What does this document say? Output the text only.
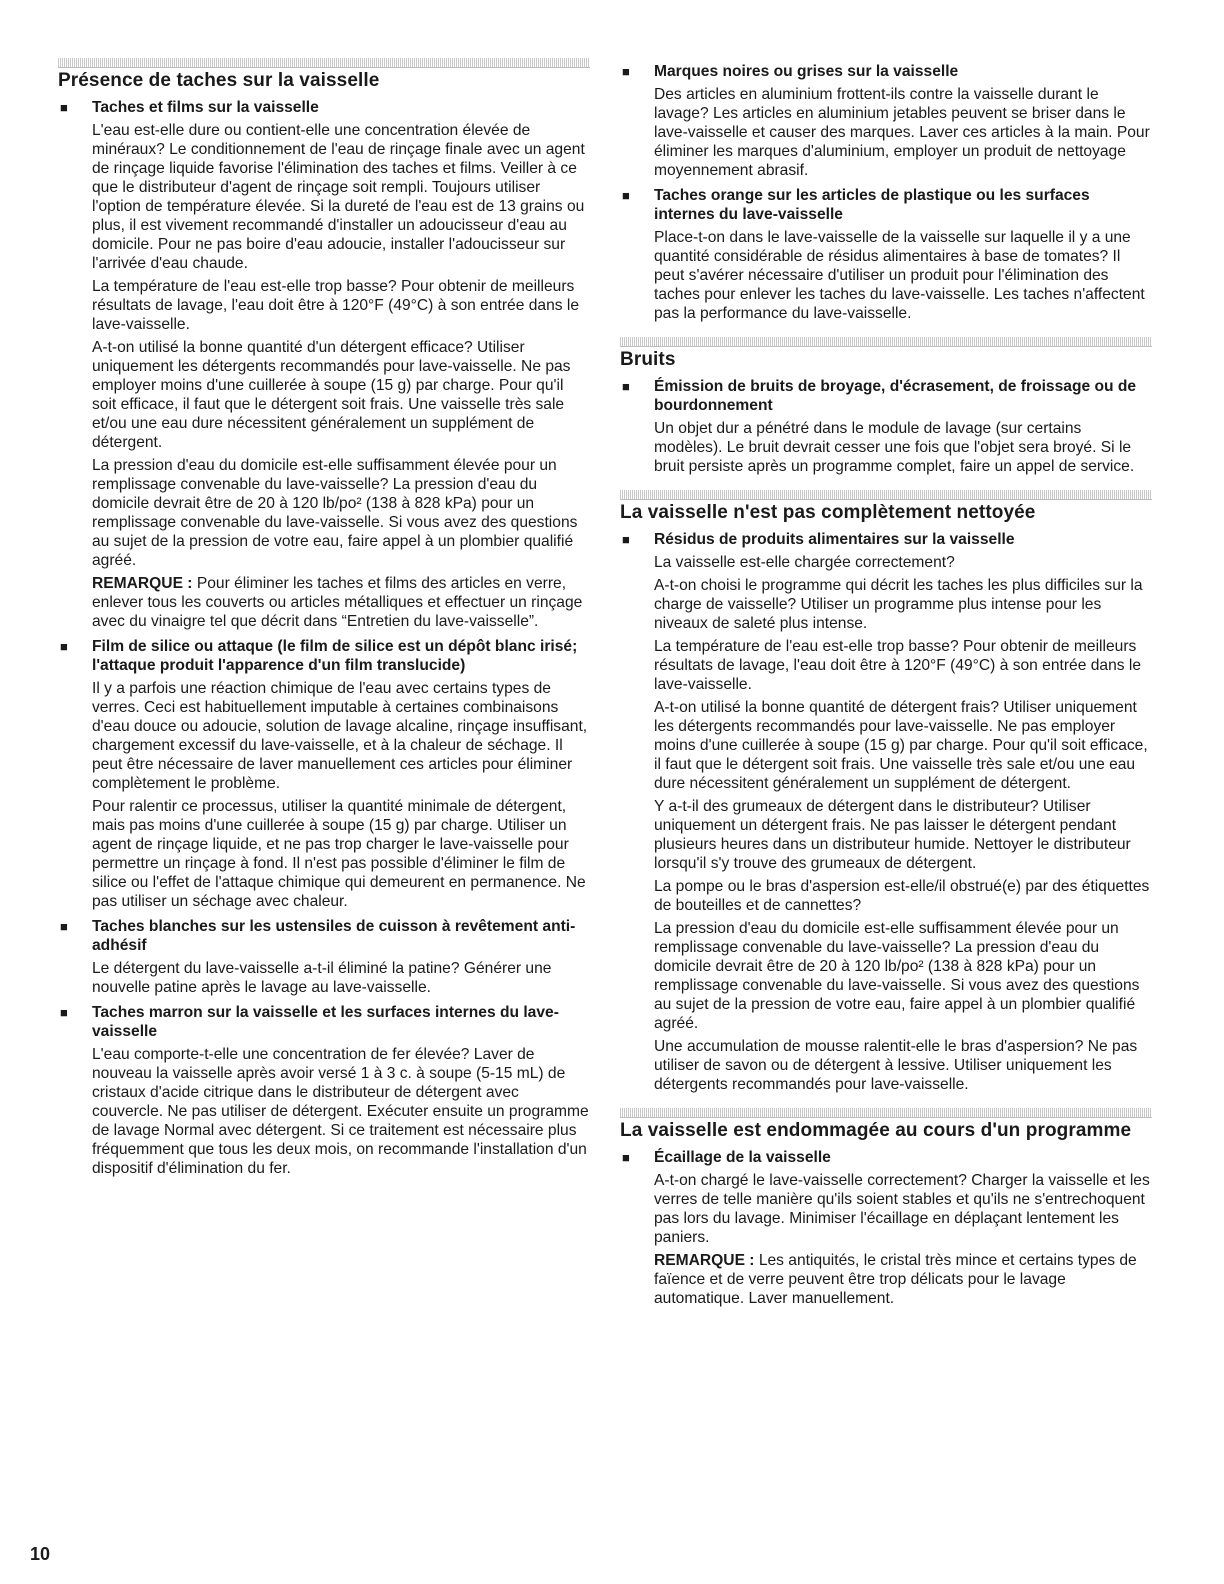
Présence de taches sur la vaisselle
■	Taches et films sur la vaisselle

L'eau est-elle dure ou contient-elle une concentration élevée de minéraux? Le conditionnement de l'eau de rinçage finale avec un agent de rinçage liquide favorise l'élimination des taches et films. Veiller à ce que le distributeur d'agent de rinçage soit rempli. Toujours utiliser l'option de température élevée. Si la dureté de l'eau est de 13 grains ou plus, il est vivement recommandé d'installer un adoucisseur d'eau au domicile. Pour ne pas boire d'eau adoucie, installer l'adoucisseur sur l'arrivée d'eau chaude.

La température de l'eau est-elle trop basse? Pour obtenir de meilleurs résultats de lavage, l'eau doit être à 120°F (49°C) à son entrée dans le lave-vaisselle.

A-t-on utilisé la bonne quantité d'un détergent efficace? Utiliser uniquement les détergents recommandés pour lave-vaisselle. Ne pas employer moins d'une cuillerée à soupe (15 g) par charge. Pour qu'il soit efficace, il faut que le détergent soit frais. Une vaisselle très sale et/ou une eau dure nécessitent généralement un supplément de détergent.

La pression d'eau du domicile est-elle suffisamment élevée pour un remplissage convenable du lave-vaisselle? La pression d'eau du domicile devrait être de 20 à 120 lb/po² (138 à 828 kPa) pour un remplissage convenable du lave-vaisselle. Si vous avez des questions au sujet de la pression de votre eau, faire appel à un plombier qualifié agréé.

REMARQUE : Pour éliminer les taches et films des articles en verre, enlever tous les couverts ou articles métalliques et effectuer un rinçage avec du vinaigre tel que décrit dans “Entretien du lave-vaisselle”.

■	Film de silice ou attaque (le film de silice est un dépôt blanc irisé; l'attaque produit l'apparence d'un film translucide)

Il y a parfois une réaction chimique de l'eau avec certains types de verres. Ceci est habituellement imputable à certaines combinaisons d'eau douce ou adoucie, solution de lavage alcaline, rinçage insuffisant, chargement excessif du lave-vaisselle, et à la chaleur de séchage. Il peut être nécessaire de laver manuellement ces articles pour éliminer complètement le problème.

Pour ralentir ce processus, utiliser la quantité minimale de détergent, mais pas moins d'une cuillerée à soupe (15 g) par charge. Utiliser un agent de rinçage liquide, et ne pas trop charger le lave-vaisselle pour permettre un rinçage à fond. Il n'est pas possible d'éliminer le film de silice ou l'effet de l'attaque chimique qui demeurent en permanence. Ne pas utiliser un séchage avec chaleur.

■	Taches blanches sur les ustensiles de cuisson à revêtement anti-adhésif

Le détergent du lave-vaisselle a-t-il éliminé la patine? Générer une nouvelle patine après le lavage au lave-vaisselle.

■	Taches marron sur la vaisselle et les surfaces internes du lave-vaisselle

L'eau comporte-t-elle une concentration de fer élevée? Laver de nouveau la vaisselle après avoir versé 1 à 3 c. à soupe (5-15 mL) de cristaux d'acide citrique dans le distributeur de détergent avec couvercle. Ne pas utiliser de détergent. Exécuter ensuite un programme de lavage Normal avec détergent. Si ce traitement est nécessaire plus fréquemment que tous les deux mois, on recommande l'installation d'un dispositif d'élimination du fer.

■	Marques noires ou grises sur la vaisselle

Des articles en aluminium frottent-ils contre la vaisselle durant le lavage? Les articles en aluminium jetables peuvent se briser dans le lave-vaisselle et causer des marques. Laver ces articles à la main. Pour éliminer les marques d'aluminium, employer un produit de nettoyage moyennement abrasif.

■	Taches orange sur les articles de plastique ou les surfaces internes du lave-vaisselle

Place-t-on dans le lave-vaisselle de la vaisselle sur laquelle il y a une quantité considérable de résidus alimentaires à base de tomates? Il peut s'avérer nécessaire d'utiliser un produit pour l'élimination des taches pour enlever les taches du lave-vaisselle. Les taches n'affectent pas la performance du lave-vaisselle.

Bruits
■	Émission de bruits de broyage, d'écrasement, de froissage ou de bourdonnement

Un objet dur a pénétré dans le module de lavage (sur certains modèles). Le bruit devrait cesser une fois que l'objet sera broyé. Si le bruit persiste après un programme complet, faire un appel de service.

La vaisselle n'est pas complètement nettoyée
■	Résidus de produits alimentaires sur la vaisselle

La vaisselle est-elle chargée correctement?

A-t-on choisi le programme qui décrit les taches les plus difficiles sur la charge de vaisselle? Utiliser un programme plus intense pour les niveaux de saleté plus intense.

La température de l'eau est-elle trop basse? Pour obtenir de meilleurs résultats de lavage, l'eau doit être à 120°F (49°C) à son entrée dans le lave-vaisselle.

A-t-on utilisé la bonne quantité de détergent frais? Utiliser uniquement les détergents recommandés pour lave-vaisselle. Ne pas employer moins d'une cuillerée à soupe (15 g) par charge. Pour qu'il soit efficace, il faut que le détergent soit frais. Une vaisselle très sale et/ou une eau dure nécessitent généralement un supplément de détergent.

Y a-t-il des grumeaux de détergent dans le distributeur? Utiliser uniquement un détergent frais. Ne pas laisser le détergent pendant plusieurs heures dans un distributeur humide. Nettoyer le distributeur lorsqu'il s'y trouve des grumeaux de détergent.

La pompe ou le bras d'aspersion est-elle/il obstrué(e) par des étiquettes de bouteilles et de cannettes?

La pression d'eau du domicile est-elle suffisamment élevée pour un remplissage convenable du lave-vaisselle? La pression d'eau du domicile devrait être de 20 à 120 lb/po² (138 à 828 kPa) pour un remplissage convenable du lave-vaisselle. Si vous avez des questions au sujet de la pression de votre eau, faire appel à un plombier qualifié agréé.

Une accumulation de mousse ralentit-elle le bras d'aspersion? Ne pas utiliser de savon ou de détergent à lessive. Utiliser uniquement les détergents recommandés pour lave-vaisselle.

La vaisselle est endommagée au cours d'un programme
■	Écaillage de la vaisselle

A-t-on chargé le lave-vaisselle correctement? Charger la vaisselle et les verres de telle manière qu'ils soient stables et qu'ils ne s'entrechoquent pas lors du lavage. Minimiser l'écaillage en déplaçant lentement les paniers.

REMARQUE : Les antiquités, le cristal très mince et certains types de faïence et de verre peuvent être trop délicats pour le lavage automatique. Laver manuellement.

10
